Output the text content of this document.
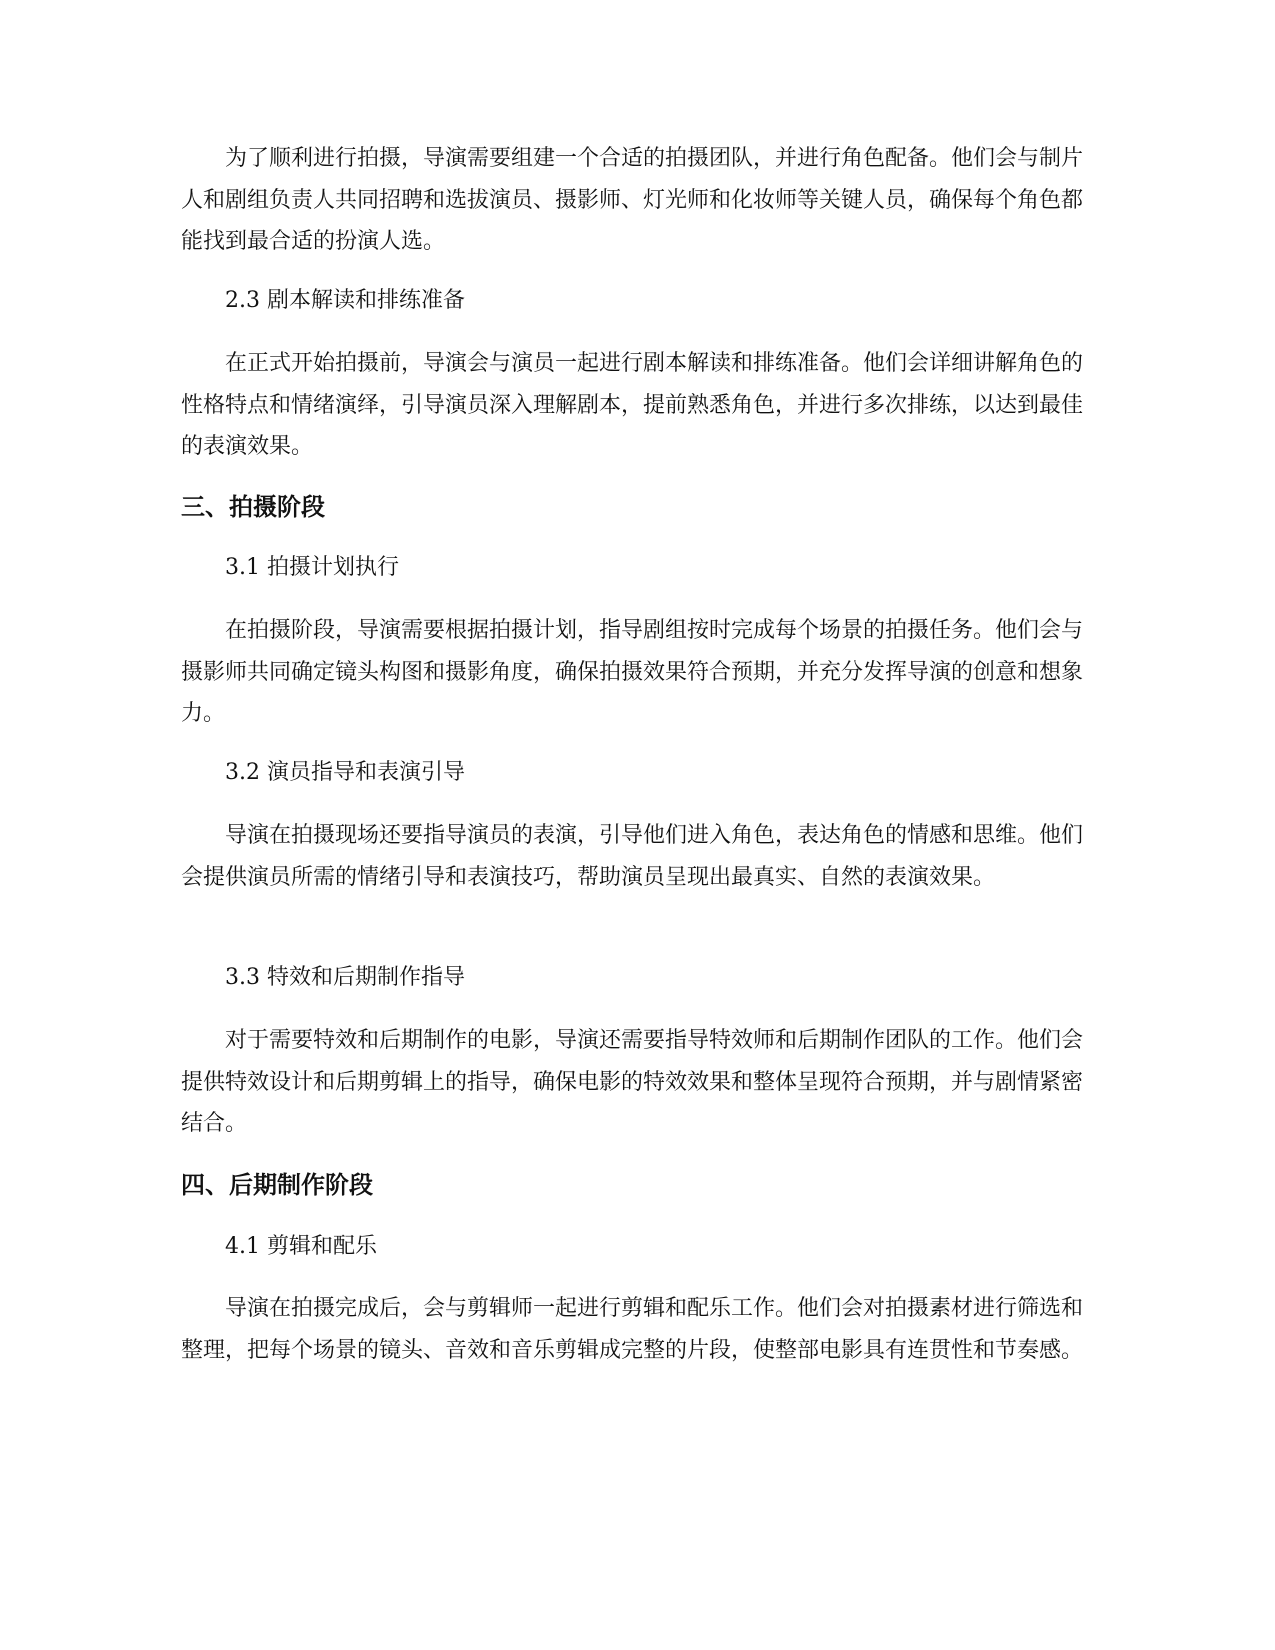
为了顺利进行拍摄，导演需要组建一个合适的拍摄团队，并进行角色配备。他们会与制片人和剧组负责人共同招聘和选拔演员、摄影师、灯光师和化妆师等关键人员，确保每个角色都能找到最合适的扮演人选。

2.3 剧本解读和排练准备

在正式开始拍摄前，导演会与演员一起进行剧本解读和排练准备。他们会详细讲解角色的性格特点和情绪演绎，引导演员深入理解剧本，提前熟悉角色，并进行多次排练，以达到最佳的表演效果。

三、拍摄阶段

3.1 拍摄计划执行

在拍摄阶段，导演需要根据拍摄计划，指导剧组按时完成每个场景的拍摄任务。他们会与摄影师共同确定镜头构图和摄影角度，确保拍摄效果符合预期，并充分发挥导演的创意和想象力。

3.2 演员指导和表演引导

导演在拍摄现场还要指导演员的表演，引导他们进入角色，表达角色的情感和思维。他们会提供演员所需的情绪引导和表演技巧，帮助演员呈现出最真实、自然的表演效果。

3.3 特效和后期制作指导

对于需要特效和后期制作的电影，导演还需要指导特效师和后期制作团队的工作。他们会提供特效设计和后期剪辑上的指导，确保电影的特效效果和整体呈现符合预期，并与剧情紧密结合。

四、后期制作阶段

4.1 剪辑和配乐

导演在拍摄完成后，会与剪辑师一起进行剪辑和配乐工作。他们会对拍摄素材进行筛选和整理，把每个场景的镜头、音效和音乐剪辑成完整的片段，使整部电影具有连贯性和节奏感。
